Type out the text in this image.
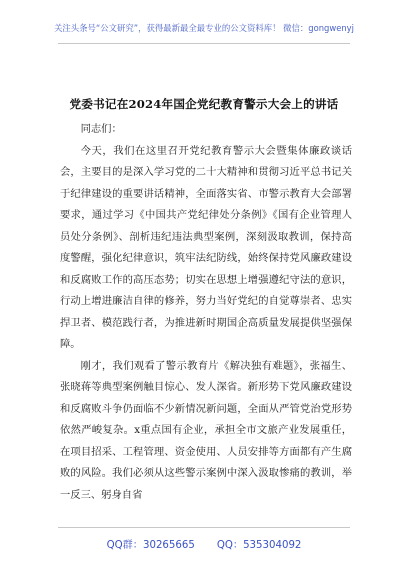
关注头条号“公文研究”，获得最新最全最专业的公文资料库！ 微信：gongwenyj
党委书记在2024年国企党纪教育警示大会上的讲话

同志们：

今天，我们在这里召开党纪教育警示大会暨集体廉政谈话会，主要目的是深入学习党的二十大精神和贯彻习近平总书记关于纪律建设的重要讲话精神，全面落实省、市警示教育大会部署要求，通过学习《中国共产党纪律处分条例》《国有企业管理人员处分条例》、剖析违纪违法典型案例，深刻汲取教训，保持高度警醒，强化纪律意识，筑牢法纪防线，始终保持党风廉政建设和反腐败工作的高压态势；切实在思想上增强遵纪守法的意识，行动上增进廉洁自律的修养，努力当好党纪的自觉尊崇者、忠实捍卫者、模范践行者，为推进新时期国企高质量发展提供坚强保障。

刚才，我们观看了警示教育片《解决独有难题》，张福生、张晓蒋等典型案例触目惊心、发人深省。新形势下党风廉政建设和反腐败斗争仍面临不少新情况新问题，全面从严管党治党形势依然严峻复杂。x重点国有企业，承担全市文旅产业发展重任，在项目招采、工程管理、资金使用、人员安排等方面都有产生腐败的风险。我们必须从这些警示案例中深入汲取惨痛的教训，举一反三、躬身自省

QQ群：30265665 QQ：535304092
